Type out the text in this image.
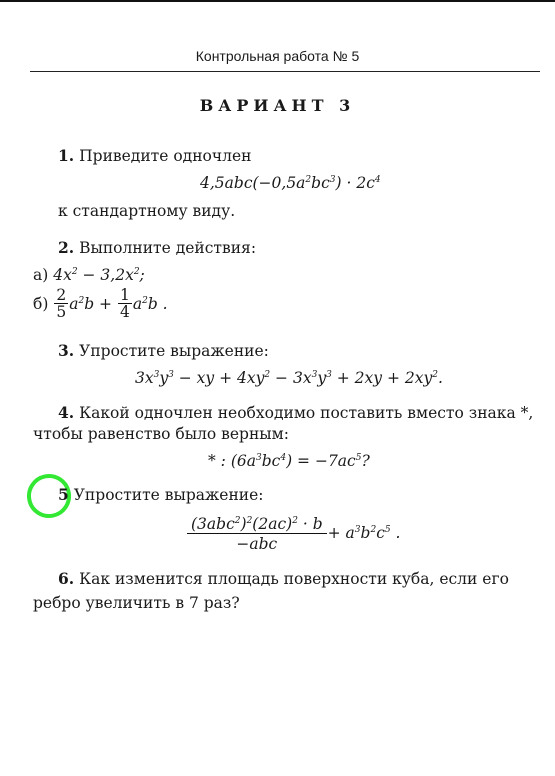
Контрольная работа № 5
ВАРИАНТ 3
1. Приведите одночлен
$4,5abc(-0,5a^2bc^3) \cdot 2c^4$
к стандартному виду.
2. Выполните действия:
а) $4x^2 - 3,2x^2$;
$б) \frac{2}{5} a^2b + \frac{1}{4} a^2b$ .
3. Упростите выражение:
$3x^3y^3$ − xy + $4xy^2 - 3x^3y^3 + 2xy + 2xy^2$.
4. Какой одночлен необходимо поставить вместо знака *,
чтобы равенство было верным:
* : $(6a^3bc^4) = -7ac^5$?
5 Упростите выражение:
$\frac{(3abc^2)^2(2ac)^2 \cdot b}{\text{−abc}} + a^3b^2c^5$ .
6. Как изменится площадь поверхности куба, если его
ребро увеличить в 7 раз?
